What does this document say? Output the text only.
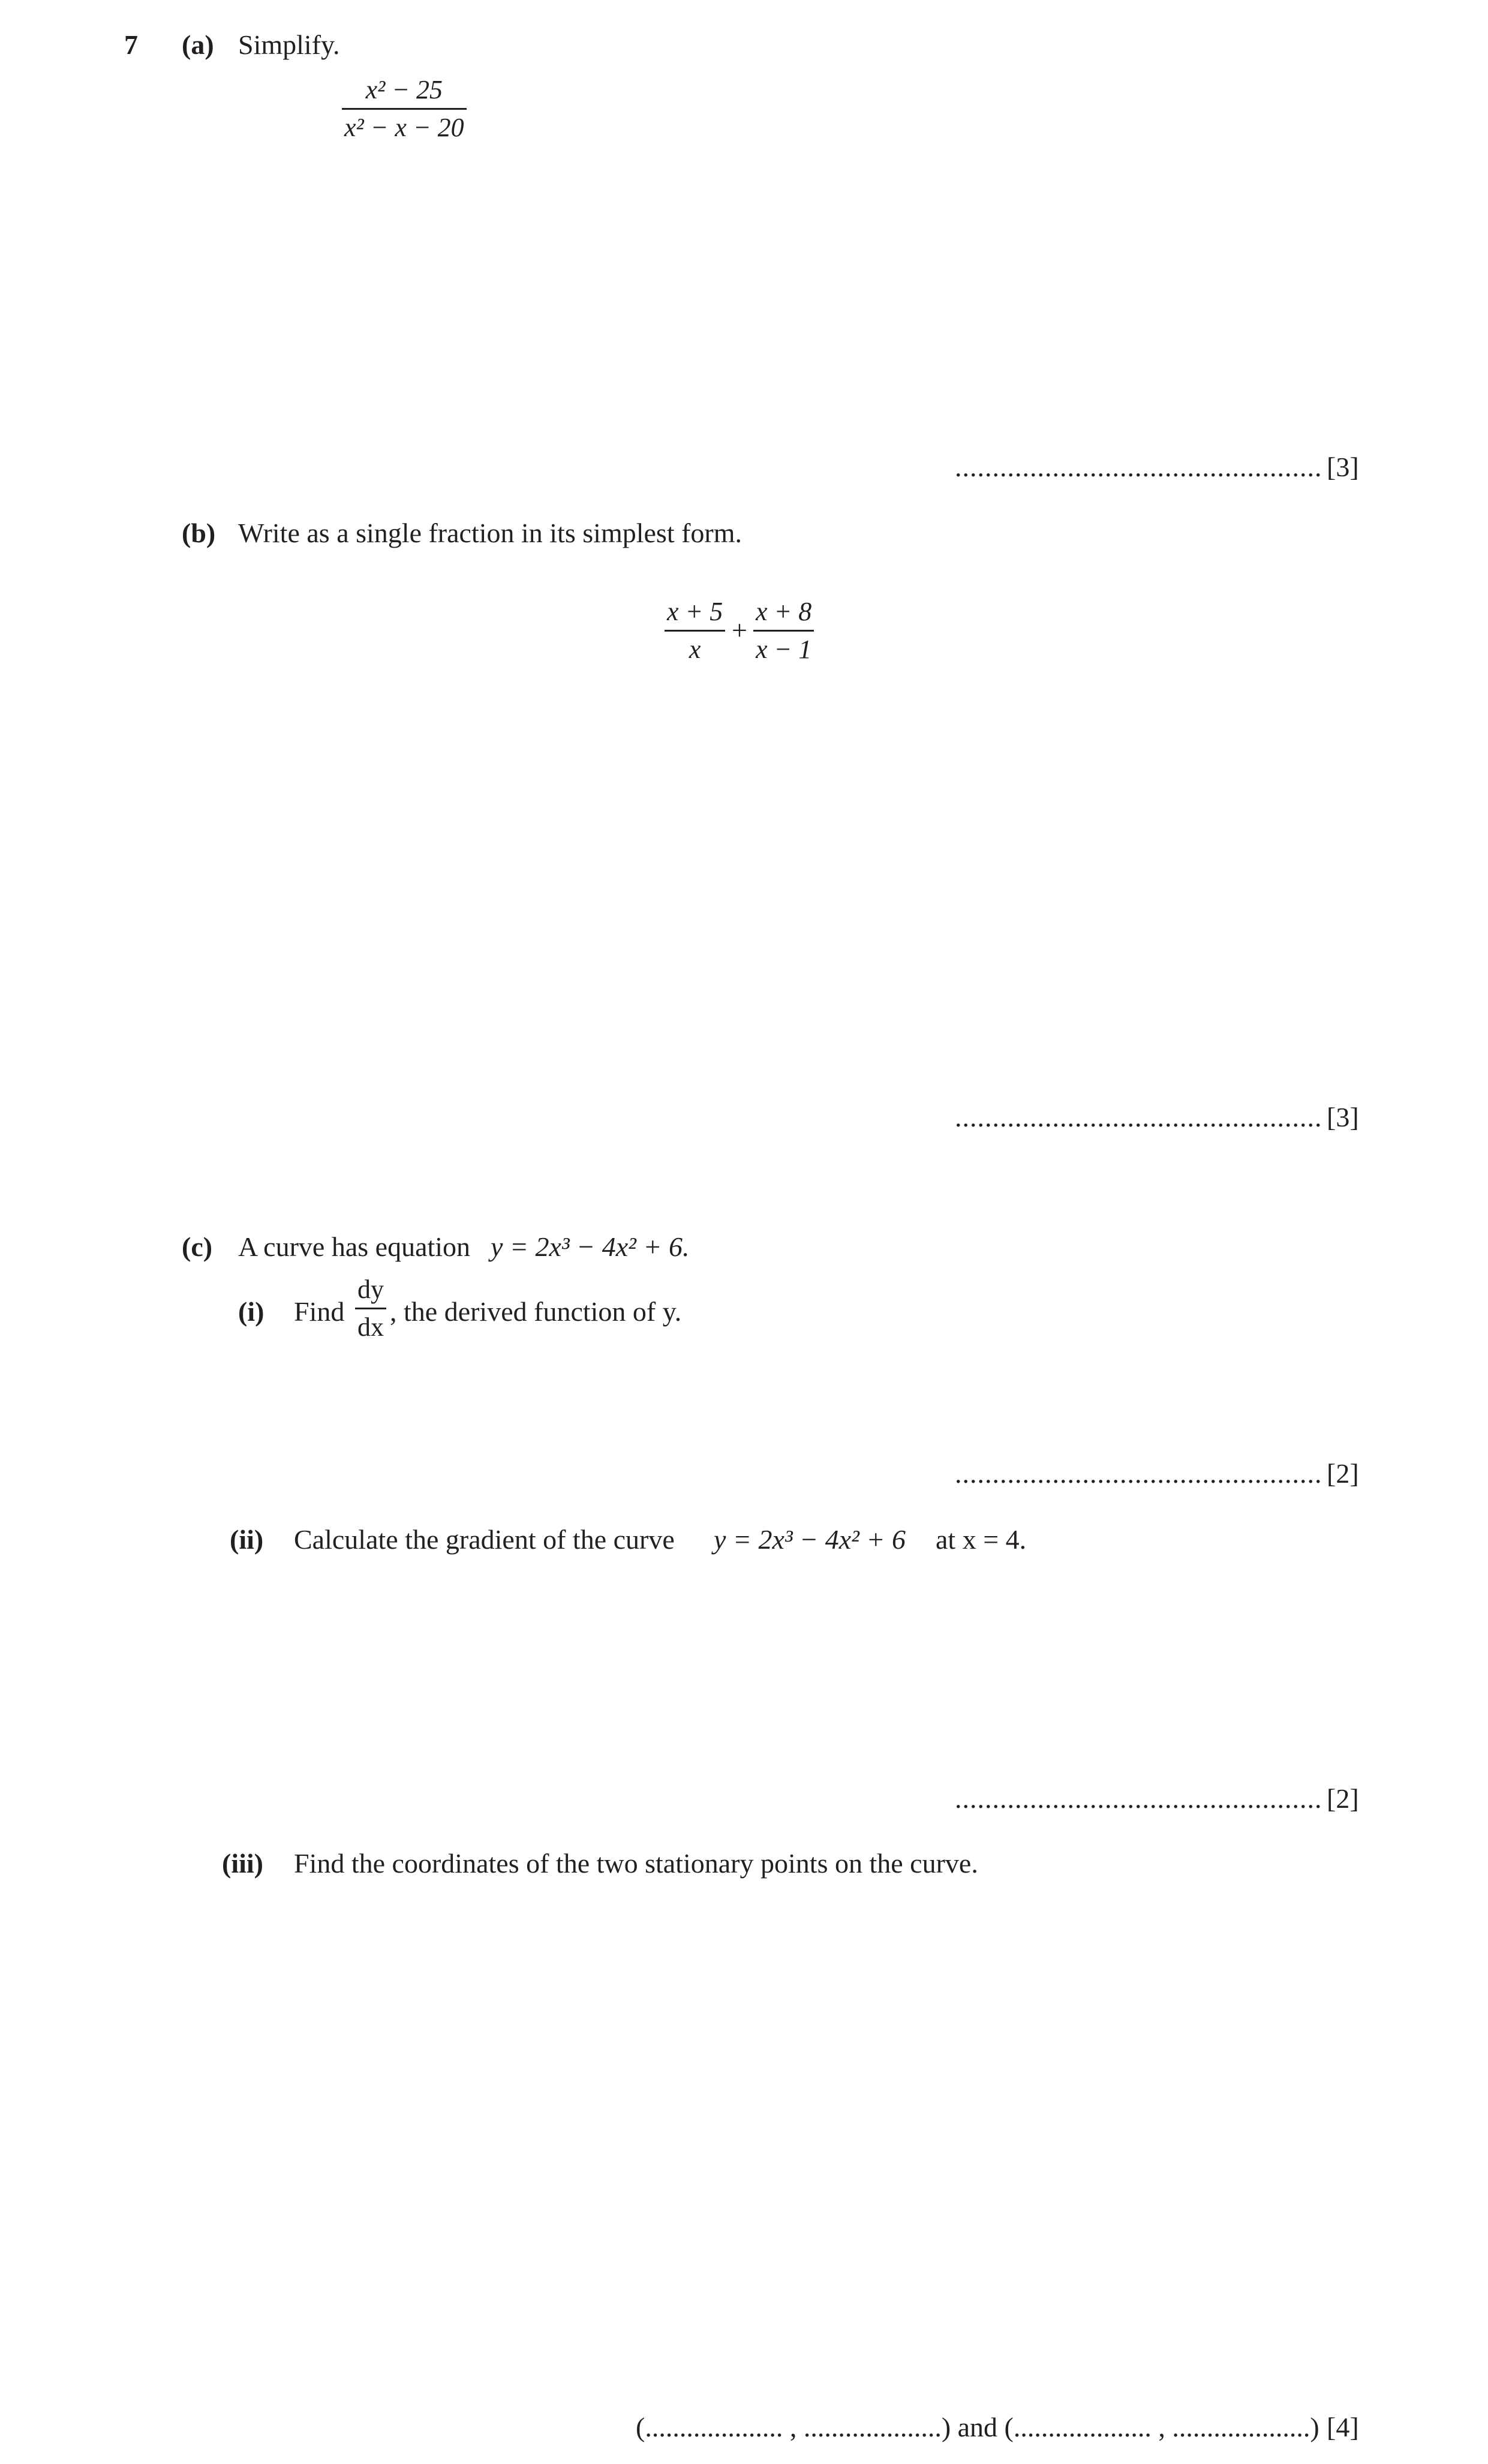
7 (a) Simplify.
x² − 25
x² − x − 20
................................................. [3]
(b) Write as a single fraction in its simplest form.
x + 5
x
+
x + 8
x − 1
................................................. [3]
(c) A curve has equation y = 2x³ − 4x² + 6.
(i) Find
dy
dx
, the derived function of y.
................................................. [2]
(ii) Calculate the gradient of the curve y = 2x³ − 4x² + 6 at x = 4.
................................................. [2]
(iii) Find the coordinates of the two stationary points on the curve.
(.................... , ....................) and (.................... , ....................) [4]
